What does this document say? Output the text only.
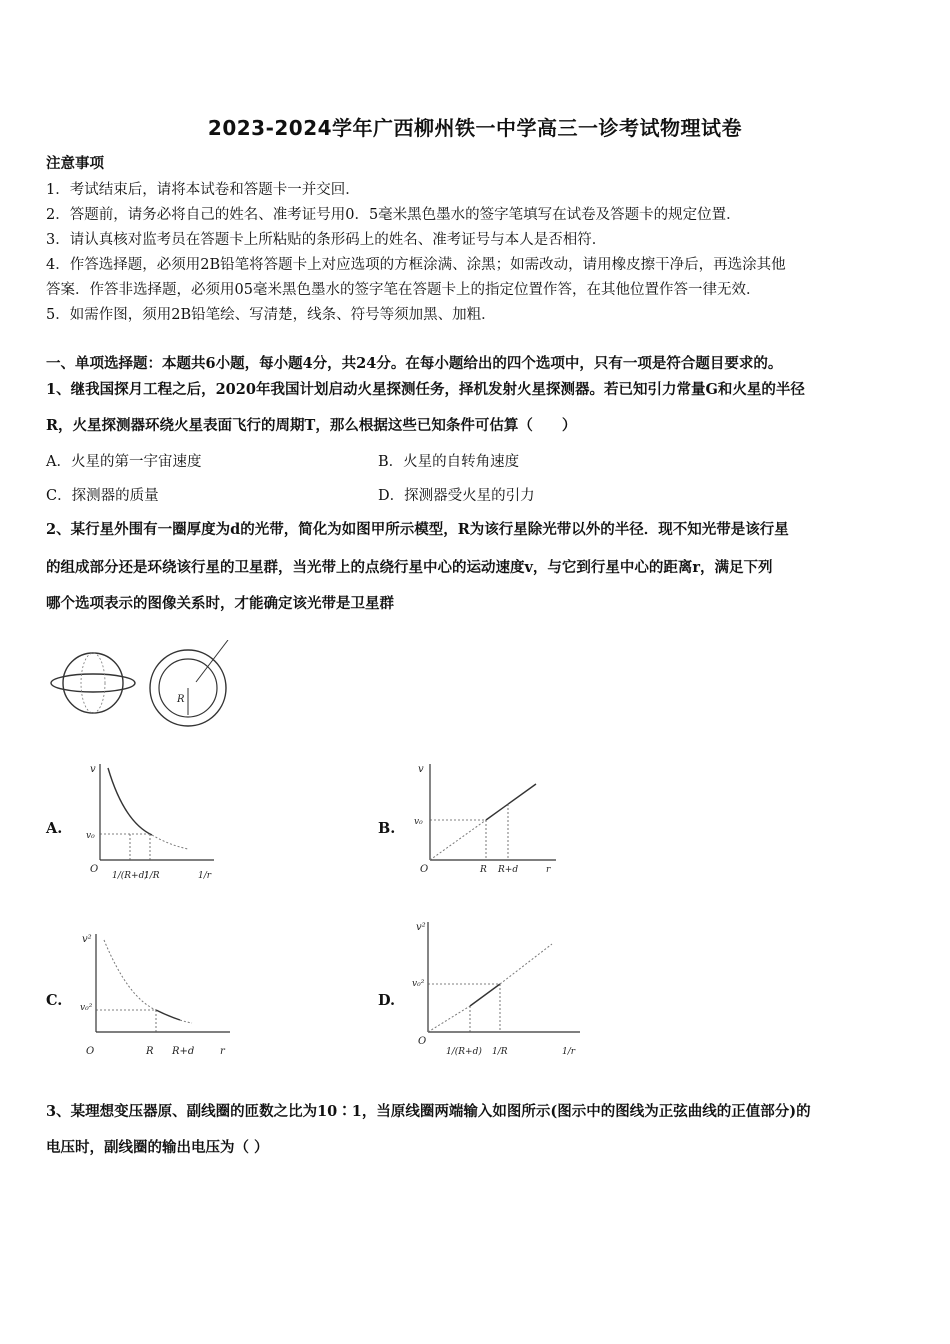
2023-2024学年广西柳州铁一中学高三一诊考试物理试卷
注意事项
1．考试结束后，请将本试卷和答题卡一并交回．
2．答题前，请务必将自己的姓名、准考证号用0．5毫米黑色墨水的签字笔填写在试卷及答题卡的规定位置．
3．请认真核对监考员在答题卡上所粘贴的条形码上的姓名、准考证号与本人是否相符．
4．作答选择题，必须用2B铅笔将答题卡上对应选项的方框涂满、涂黑；如需改动，请用橡皮擦干净后，再选涂其他
答案．作答非选择题，必须用05毫米黑色墨水的签字笔在答题卡上的指定位置作答，在其他位置作答一律无效．
5．如需作图，须用2B铅笔绘、写清楚，线条、符号等须加黑、加粗．
一、单项选择题：本题共6小题，每小题4分，共24分。在每小题给出的四个选项中，只有一项是符合题目要求的。
1、继我国探月工程之后，2020年我国计划启动火星探测任务，择机发射火星探测器。若已知引力常量G和火星的半径
R，火星探测器环绕火星表面飞行的周期T，那么根据这些已知条件可估算（　　）
A．火星的第一宇宙速度	B．火星的自转角速度
C．探测器的质量	D．探测器受火星的引力
2、某行星外围有一圈厚度为d的光带，简化为如图甲所示模型，R为该行星除光带以外的半径．现不知光带是该行星
的组成部分还是环绕该行星的卫星群，当光带上的点绕行星中心的运动速度v，与它到行星中心的距离r，满足下列
哪个选项表示的图像关系时，才能确定该光带是卫星群
R
A.
v
v₀
O
1/(R+d)
1/R	1/r
B.
v
v₀
O	R R+d	r
C.
v²
v₀²
O	R R+d	r
D.
v²
v₀²
O
1/(R+d) 1/R	1/r
3、某理想变压器原、副线圈的匝数之比为10∶1，当原线圈两端输入如图所示(图示中的图线为正弦曲线的正值部分)的
电压时，副线圈的输出电压为（ ）
